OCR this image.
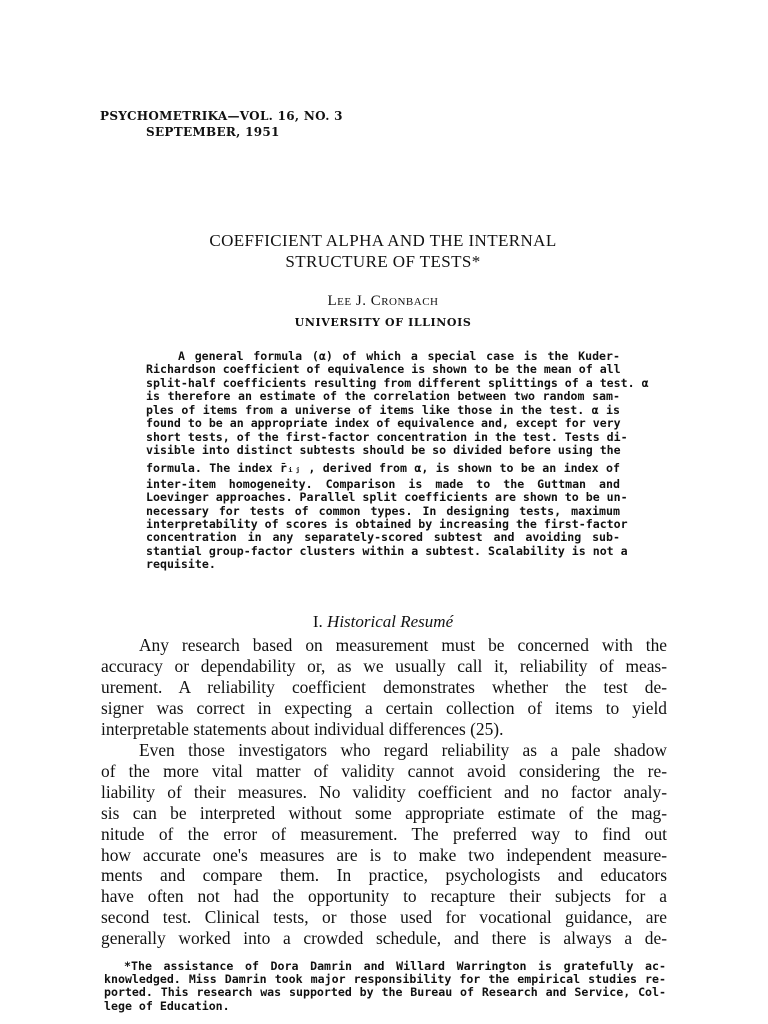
PSYCHOMETRIKA—VOL. 16, NO. 3
SEPTEMBER, 1951
COEFFICIENT ALPHA AND THE INTERNAL
STRUCTURE OF TESTS*
Lee J. Cronbach
UNIVERSITY OF ILLINOIS
A general formula (α) of which a special case is the Kuder-
Richardson coefficient of equivalence is shown to be the mean of all
split-half coefficients resulting from different splittings of a test. α
is therefore an estimate of the correlation between two random sam-
ples of items from a universe of items like those in the test. α is
found to be an appropriate index of equivalence and, except for very
short tests, of the first-factor concentration in the test. Tests di-
visible into distinct subtests should be so divided before using the
formula. The index r̄ᵢⱼ , derived from α, is shown to be an index of
inter-item homogeneity. Comparison is made to the Guttman and
Loevinger approaches. Parallel split coefficients are shown to be un-
necessary for tests of common types. In designing tests, maximum
interpretability of scores is obtained by increasing the first-factor
concentration in any separately-scored subtest and avoiding sub-
stantial group-factor clusters within a subtest. Scalability is not a
requisite.
I. Historical Resumé
Any research based on measurement must be concerned with the
accuracy or dependability or, as we usually call it, reliability of meas-
urement. A reliability coefficient demonstrates whether the test de-
signer was correct in expecting a certain collection of items to yield
interpretable statements about individual differences (25).
Even those investigators who regard reliability as a pale shadow
of the more vital matter of validity cannot avoid considering the re-
liability of their measures. No validity coefficient and no factor analy-
sis can be interpreted without some appropriate estimate of the mag-
nitude of the error of measurement. The preferred way to find out
how accurate one's measures are is to make two independent measure-
ments and compare them. In practice, psychologists and educators
have often not had the opportunity to recapture their subjects for a
second test. Clinical tests, or those used for vocational guidance, are
generally worked into a crowded schedule, and there is always a de-
*The assistance of Dora Damrin and Willard Warrington is gratefully ac-
knowledged. Miss Damrin took major responsibility for the empirical studies re-
ported. This research was supported by the Bureau of Research and Service, Col-
lege of Education.
